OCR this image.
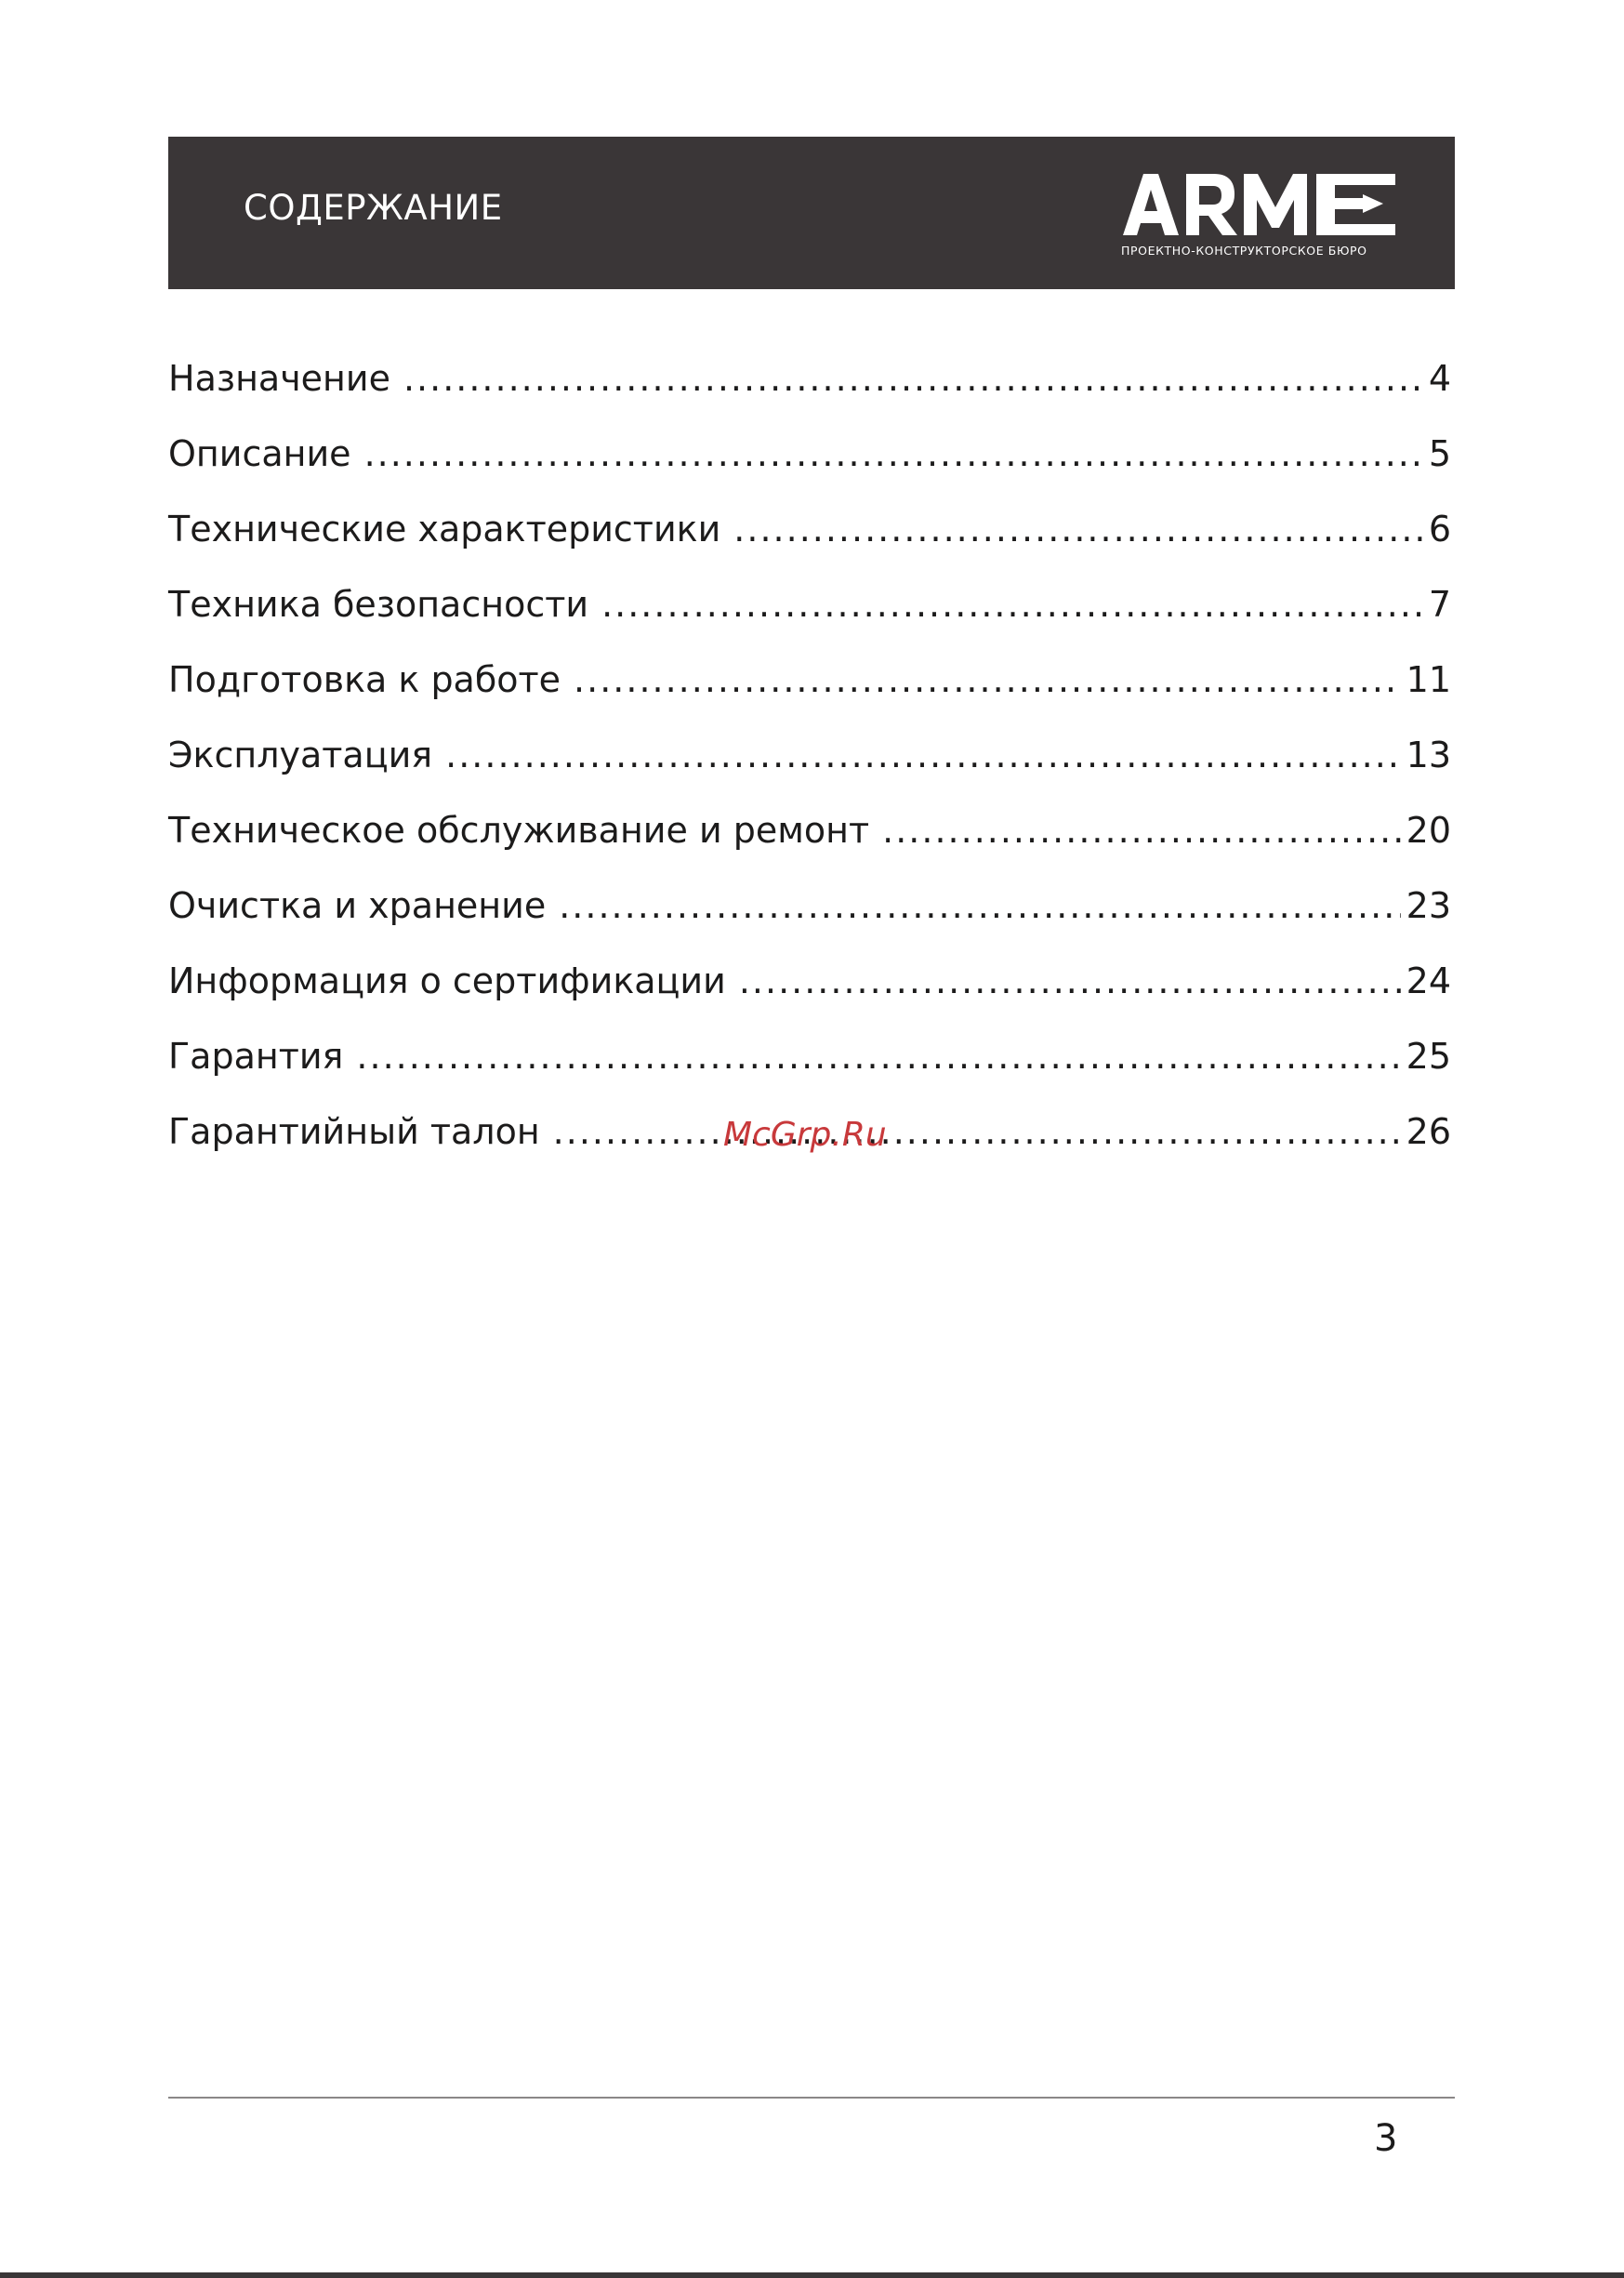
СОДЕРЖАНИЕ
ПРОЕКТНО-КОНСТРУКТОРСКОЕ БЮРО
Назначение .....	4
Описание .....	5
Технические характеристики .....	6
Техника безопасности .....	7
Подготовка к работе .....	11
Эксплуатация .....	13
Техническое обслуживание и ремонт .....	20
Очистка и хранение .....	23
Информация о сертификации .....	24
Гарантия .....	25
Гарантийный талон .....	26
McGrp.Ru
3
